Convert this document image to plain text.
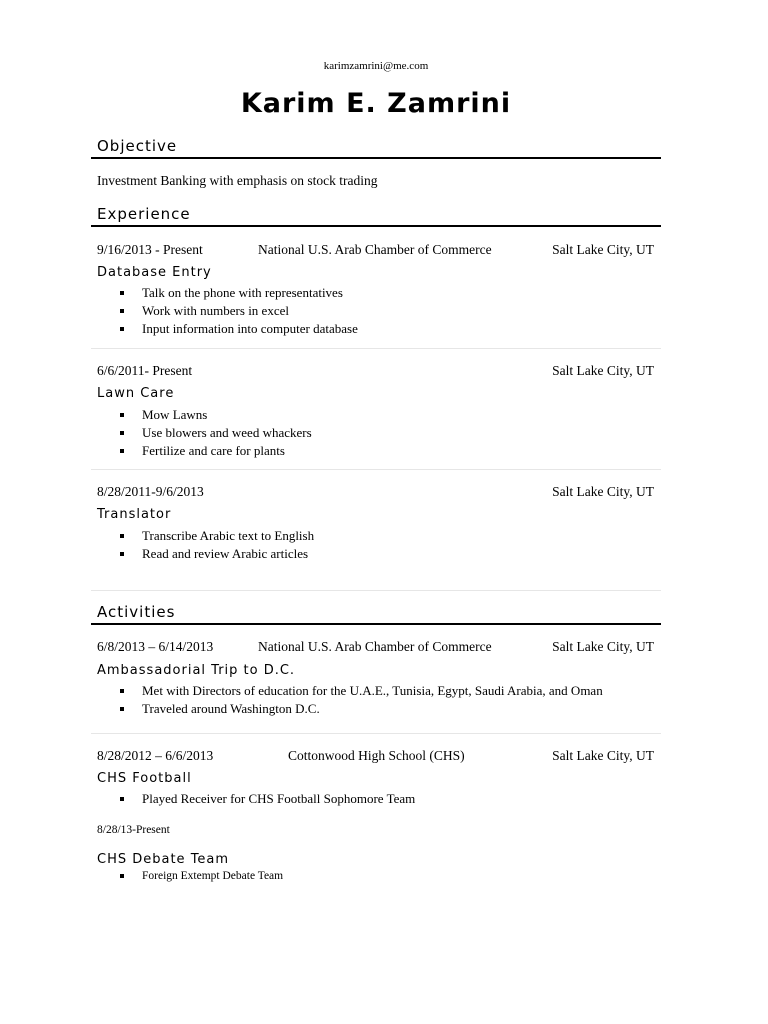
karimzamrini@me.com
Karim E. Zamrini
Objective
Investment Banking with emphasis on stock trading
Experience
9/16/2013 - Present	National U.S. Arab Chamber of Commerce	Salt Lake City, UT
Database Entry
Talk on the phone with representatives
Work with numbers in excel
Input information into computer database
6/6/2011- Present	Salt Lake City, UT
Lawn Care
Mow Lawns
Use blowers and weed whackers
Fertilize and care for plants
8/28/2011-9/6/2013	Salt Lake City, UT
Translator
Transcribe Arabic text to English
Read and review Arabic articles
Activities
6/8/2013 – 6/14/2013	National U.S. Arab Chamber of Commerce	Salt Lake City, UT
Ambassadorial Trip to D.C.
Met with Directors of education for the U.A.E., Tunisia, Egypt, Saudi Arabia, and Oman
Traveled around Washington D.C.
8/28/2012 – 6/6/2013	Cottonwood High School (CHS)	Salt Lake City, UT
CHS Football
Played Receiver for CHS Football Sophomore Team
8/28/13-Present
CHS Debate Team
Foreign Extempt Debate Team
